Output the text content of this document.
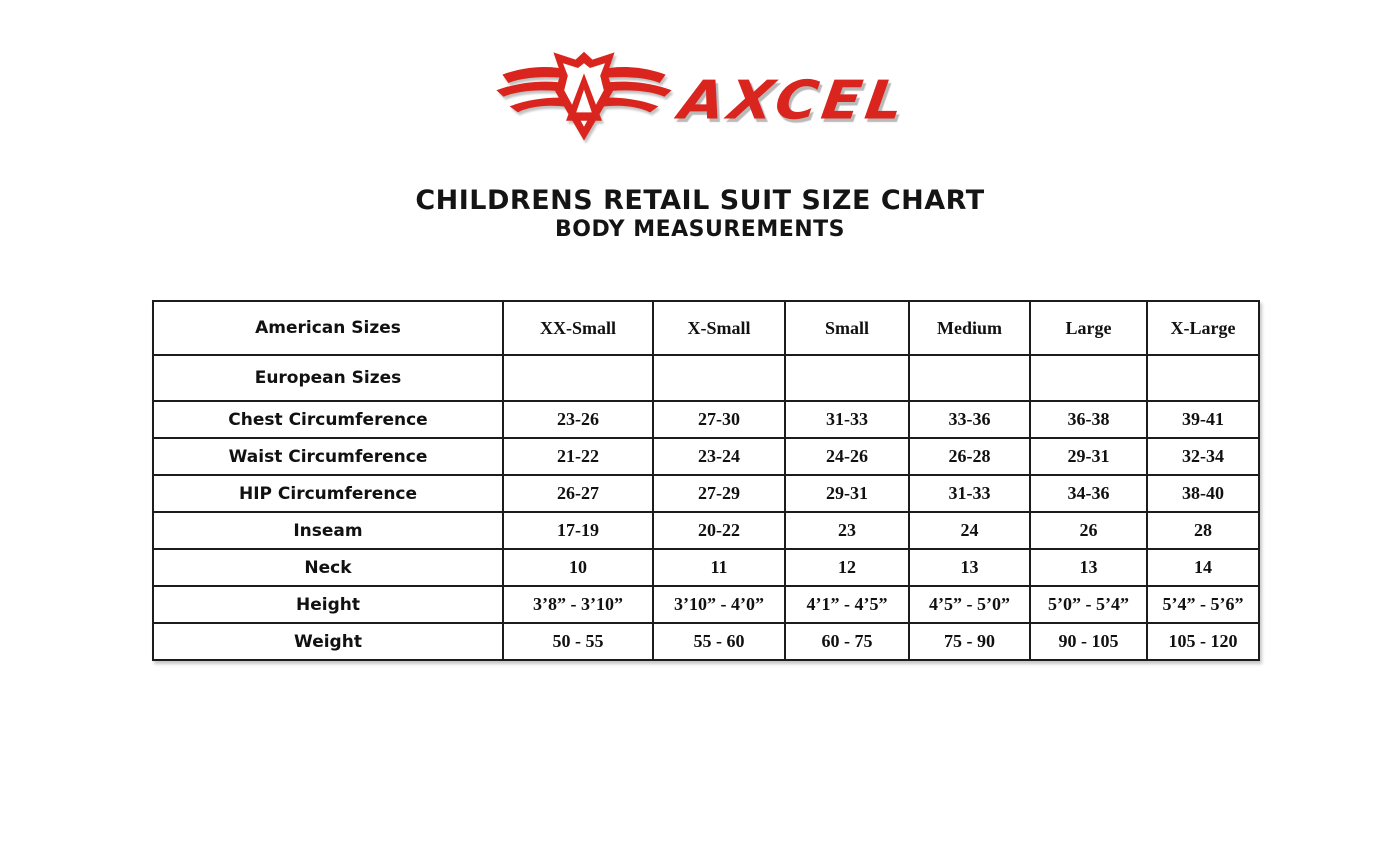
AXCEL
CHILDRENS RETAIL SUIT SIZE CHART
BODY MEASUREMENTS
American Sizes	XX-Small	X-Small	Small	Medium	Large	X-Large
European Sizes						
Chest Circumference	23-26	27-30	31-33	33-36	36-38	39-41
Waist Circumference	21-22	23-24	24-26	26-28	29-31	32-34
HIP Circumference	26-27	27-29	29-31	31-33	34-36	38-40
Inseam	17-19	20-22	23	24	26	28
Neck	10	11	12	13	13	14
Height	3’8” - 3’10”	3’10” - 4’0”	4’1” - 4’5”	4’5” - 5’0”	5’0” - 5’4”	5’4” - 5’6”
Weight	50 - 55	55 - 60	60 - 75	75 - 90	90 - 105	105 - 120
